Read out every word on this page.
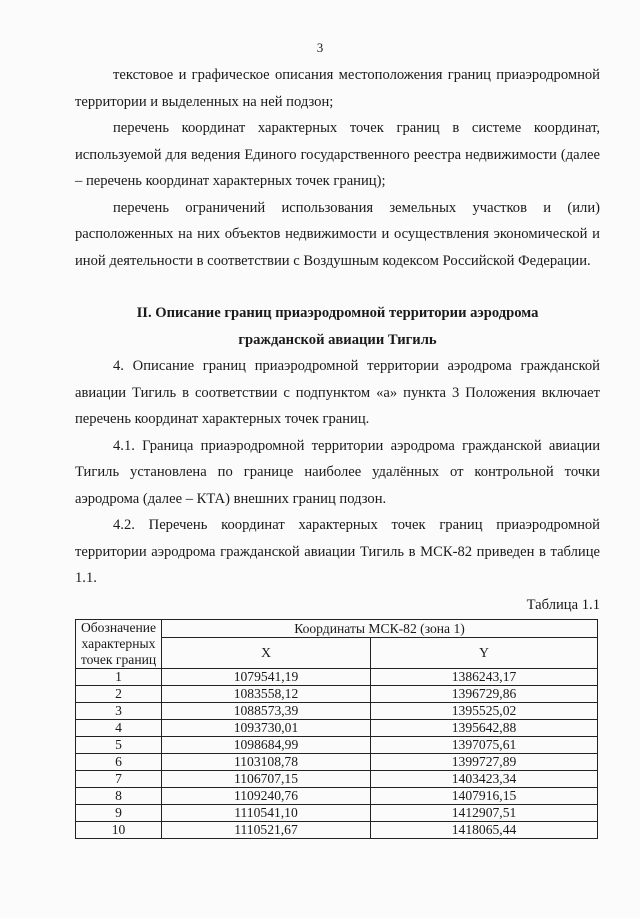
3

текстовое и графическое описания местоположения границ приаэродромной территории и выделенных на ней подзон;

перечень координат характерных точек границ в системе координат, используемой для ведения Единого государственного реестра недвижимости (далее – перечень координат характерных точек границ);

перечень ограничений использования земельных участков и (или) расположенных на них объектов недвижимости и осуществления экономической и иной деятельности в соответствии с Воздушным кодексом Российской Федерации.

II. Описание границ приаэродромной территории аэродрома

гражданской авиации Тигиль

4. Описание границ приаэродромной территории аэродрома гражданской авиации Тигиль в соответствии с подпунктом «а» пункта 3 Положения включает перечень координат характерных точек границ.

4.1. Граница приаэродромной территории аэродрома гражданской авиации Тигиль установлена по границе наиболее удалённых от контрольной точки аэродрома (далее – КТА) внешних границ подзон.

4.2. Перечень координат характерных точек границ приаэродромной территории аэродрома гражданской авиации Тигиль в МСК-82 приведен в таблице 1.1.

Таблица 1.1

Обозначение характерных точек границ	Координаты МСК-82 (зона 1)	
	X	Y
1	1079541,19	1386243,17
2	1083558,12	1396729,86
3	1088573,39	1395525,02
4	1093730,01	1395642,88
5	1098684,99	1397075,61
6	1103108,78	1399727,89
7	1106707,15	1403423,34
8	1109240,76	1407916,15
9	1110541,10	1412907,51
10	1110521,67	1418065,44
